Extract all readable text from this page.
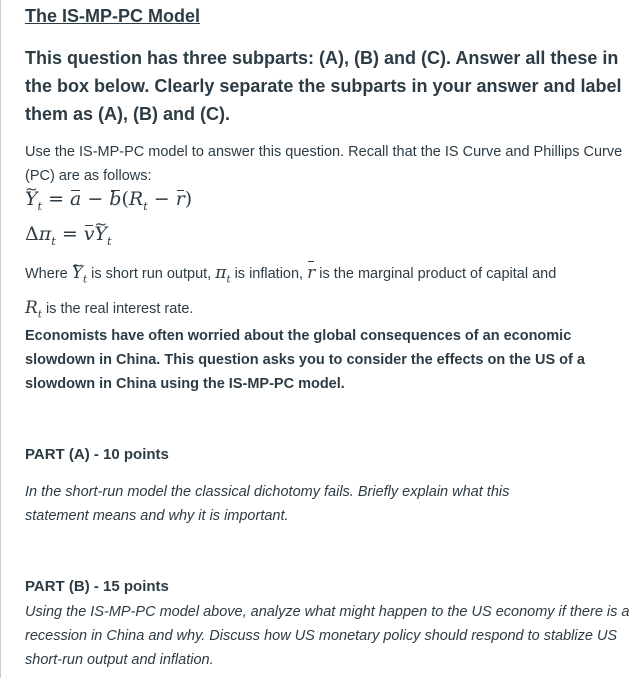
The IS-MP-PC Model

This question has three subparts: (A), (B) and (C). Answer all these in the box below. Clearly separate the subparts in your answer and label them as (A), (B) and (C).

Use the IS-MP-PC model to answer this question. Recall that the IS Curve and Phillips Curve (PC) are as follows:

~ $Y_t = a - b(R_t - r)$
$\Delta\pi_t$ = v~ $Y_t$

Where ~ $Y_t$ is short run output, $\pi_t$ is inflation, r is the marginal product of capital and
$R_t$ is the real interest rate.

Economists have often worried about the global consequences of an economic slowdown in China. This question asks you to consider the effects on the US of a slowdown in China using the IS-MP-PC model.

PART (A) - 10 points

In the short-run model the classical dichotomy fails. Briefly explain what this
statement means and why it is important.

PART (B) - 15 points

Using the IS-MP-PC model above, analyze what might happen to the US economy if there is a recession in China and why. Discuss how US monetary policy should respond to stablize US short-run output and inflation.
